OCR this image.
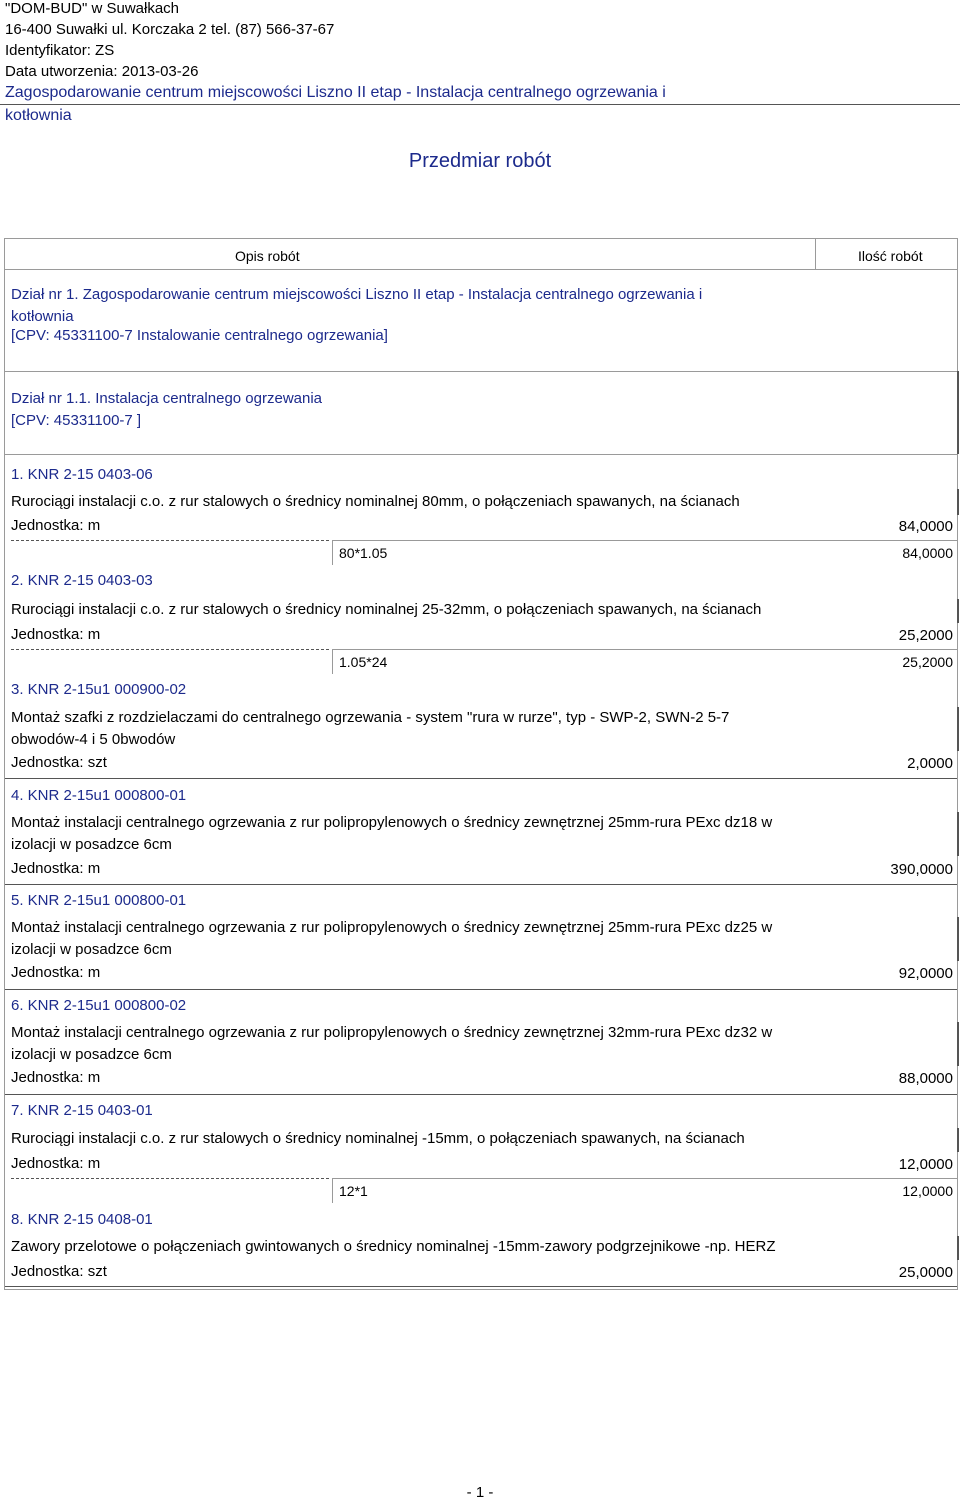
"DOM-BUD" w Suwałkach
16-400 Suwałki ul. Korczaka 2 tel. (87) 566-37-67
Identyfikator: ZS
Data utworzenia: 2013-03-26
Zagospodarowanie centrum miejscowości Liszno II etap - Instalacja centralnego ogrzewania i
kotłownia
Przedmiar robót
Opis robót	Ilość robót
Dział nr 1. Zagospodarowanie centrum miejscowości Liszno II etap - Instalacja centralnego ogrzewania i
kotłownia
[CPV: 45331100-7 Instalowanie centralnego ogrzewania]
Dział nr 1.1. Instalacja centralnego ogrzewania
[CPV: 45331100-7 ]
1. KNR 2-15 0403-06
Rurociągi instalacji c.o. z rur stalowych o średnicy nominalnej 80mm, o połączeniach spawanych, na ścianach
Jednostka: m	84,0000
80*1.05	84,0000
2. KNR 2-15 0403-03
Rurociągi instalacji c.o. z rur stalowych o średnicy nominalnej 25-32mm, o połączeniach spawanych, na ścianach
Jednostka: m	25,2000
1.05*24	25,2000
3. KNR 2-15u1 000900-02
Montaż szafki z rozdzielaczami do centralnego ogrzewania - system "rura w rurze", typ - SWP-2, SWN-2 5-7
obwodów-4 i 5 0bwodów
Jednostka: szt	2,0000
4. KNR 2-15u1 000800-01
Montaż instalacji centralnego ogrzewania z rur polipropylenowych o średnicy zewnętrznej 25mm-rura PExc dz18 w
izolacji w posadzce 6cm
Jednostka: m	390,0000
5. KNR 2-15u1 000800-01
Montaż instalacji centralnego ogrzewania z rur polipropylenowych o średnicy zewnętrznej 25mm-rura PExc dz25 w
izolacji w posadzce 6cm
Jednostka: m	92,0000
6. KNR 2-15u1 000800-02
Montaż instalacji centralnego ogrzewania z rur polipropylenowych o średnicy zewnętrznej 32mm-rura PExc dz32 w
izolacji w posadzce 6cm
Jednostka: m	88,0000
7. KNR 2-15 0403-01
Rurociągi instalacji c.o. z rur stalowych o średnicy nominalnej -15mm, o połączeniach spawanych, na ścianach
Jednostka: m	12,0000
12*1	12,0000
8. KNR 2-15 0408-01
Zawory przelotowe o połączeniach gwintowanych o średnicy nominalnej -15mm-zawory podgrzejnikowe -np. HERZ
Jednostka: szt	25,0000
- 1 -
